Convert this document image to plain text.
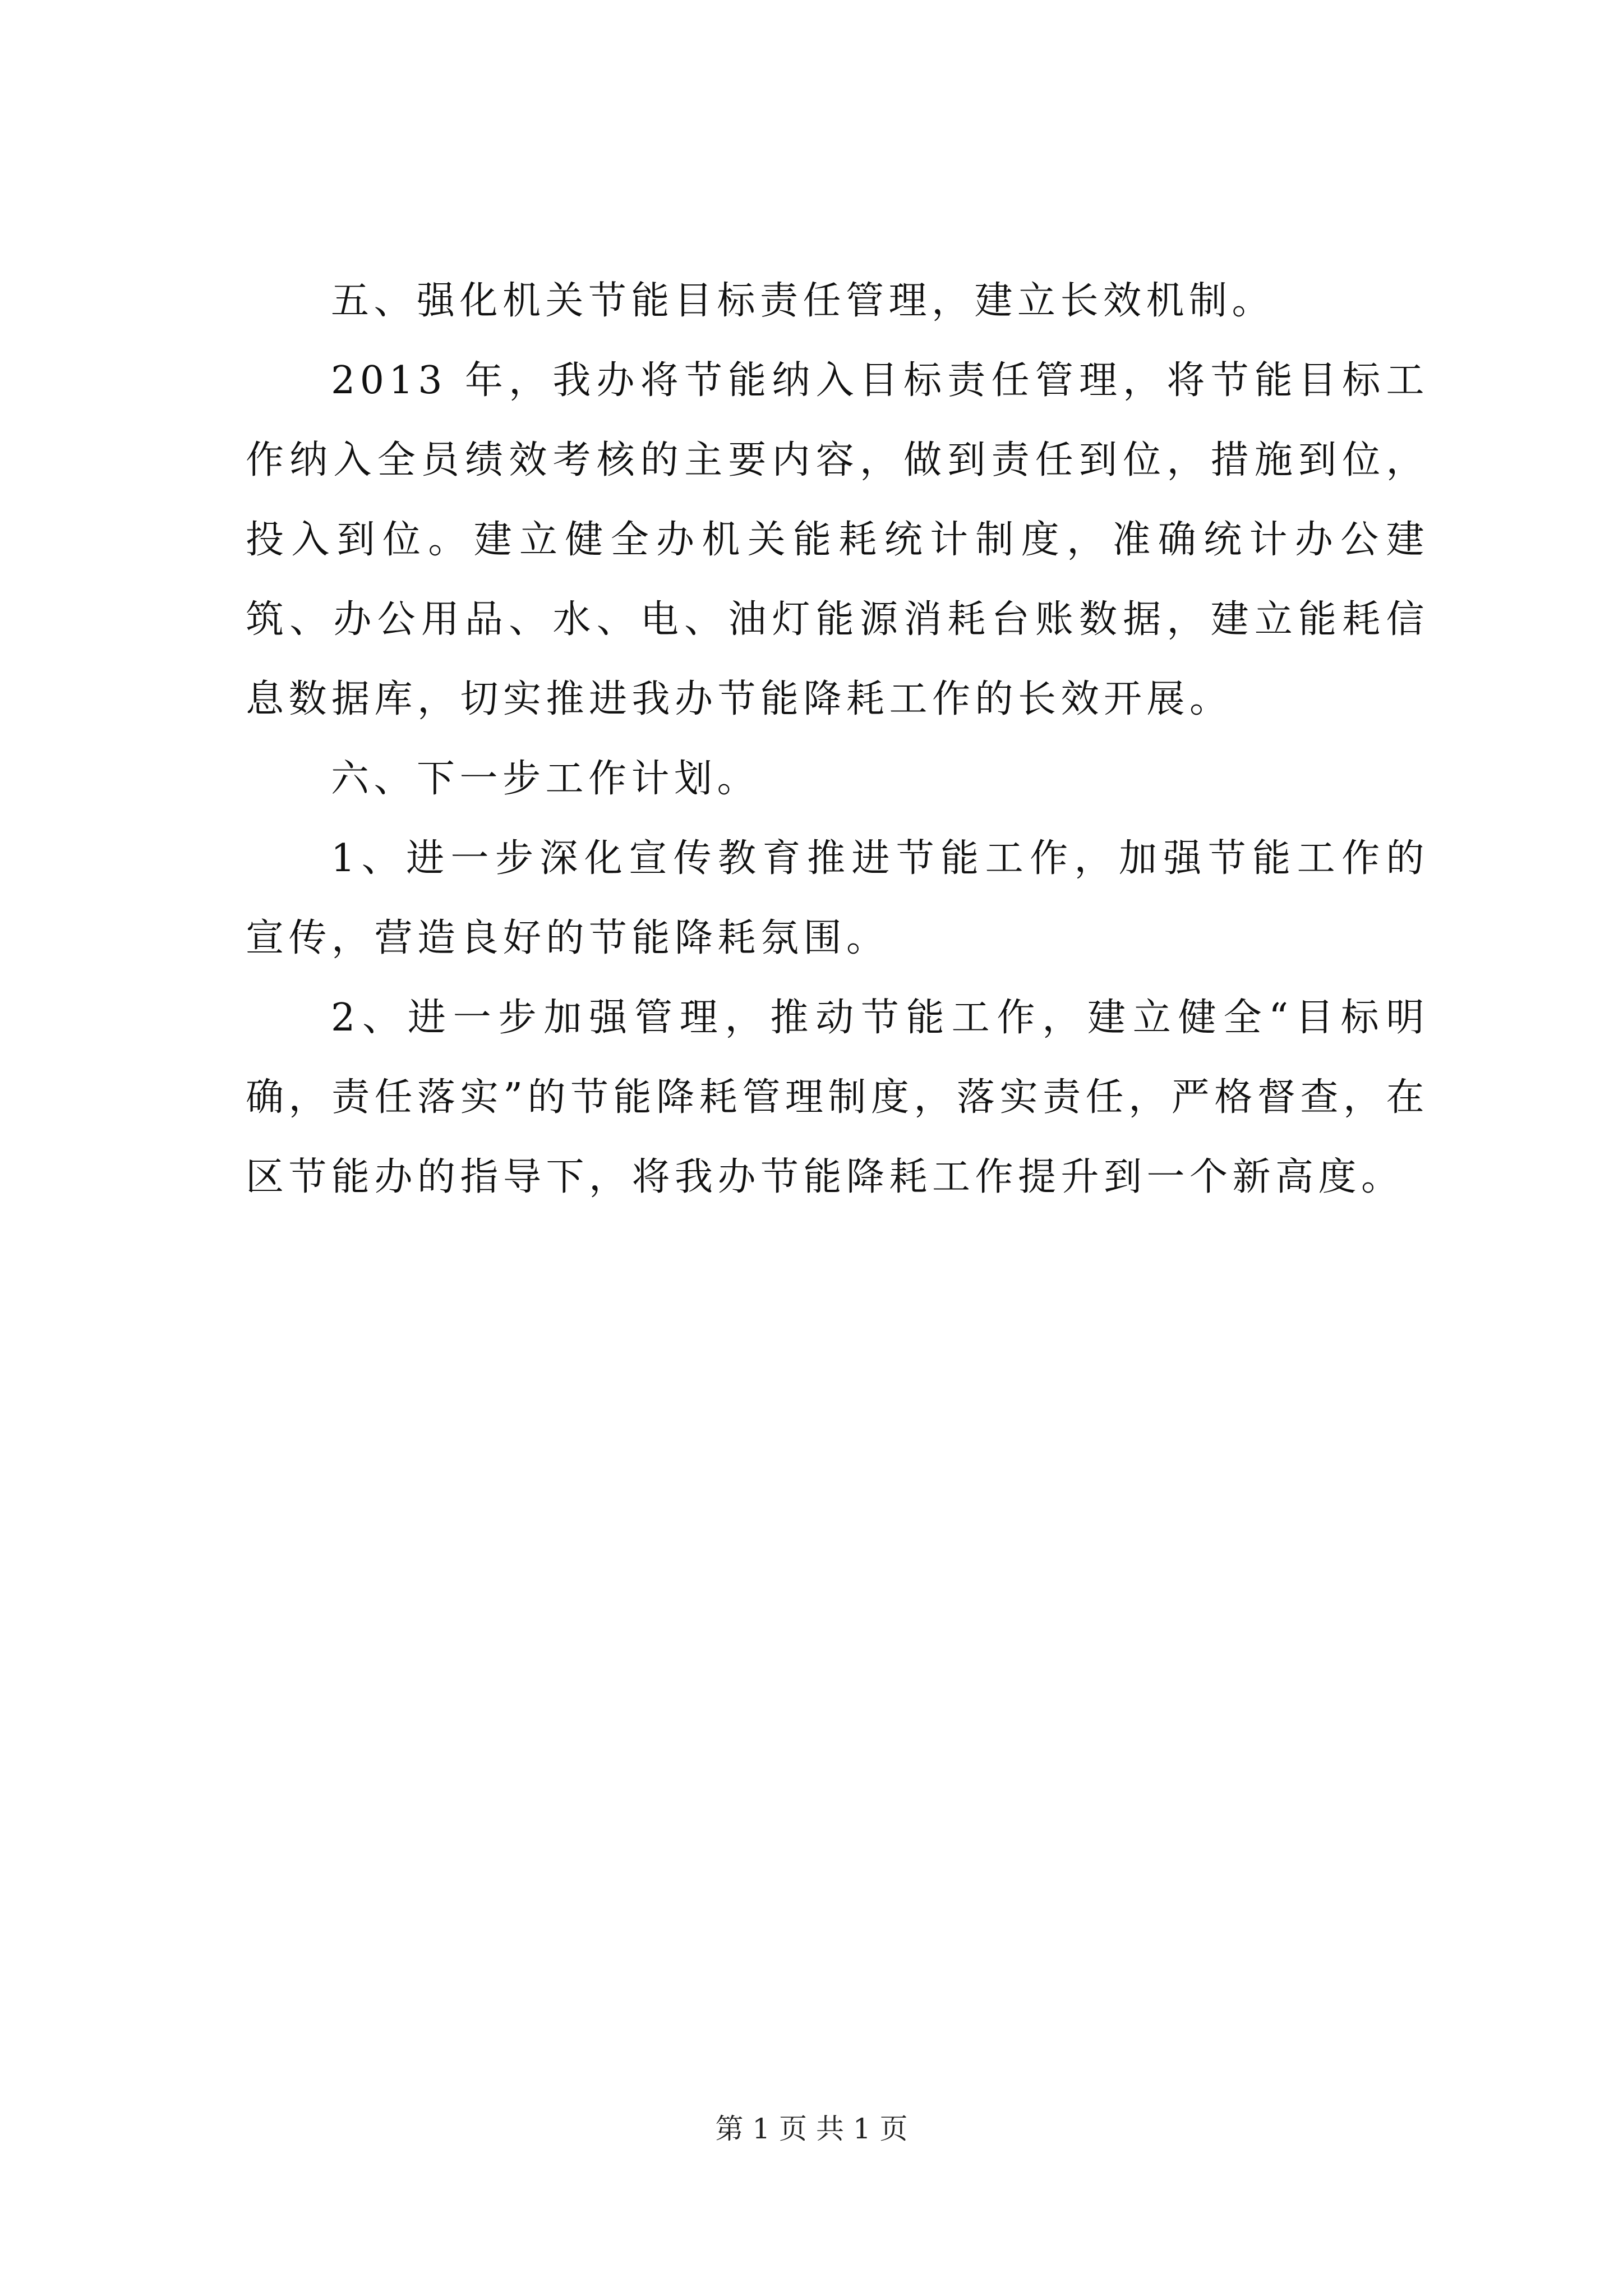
五、强化机关节能目标责任管理，建立长效机制。

2013 年，我办将节能纳入目标责任管理，将节能目标工作纳入全员绩效考核的主要内容，做到责任到位，措施到位，投入到位。建立健全办机关能耗统计制度，准确统计办公建筑、办公用品、水、电、油灯能源消耗台账数据，建立能耗信息数据库，切实推进我办节能降耗工作的长效开展。

六、下一步工作计划。

1、进一步深化宣传教育推进节能工作，加强节能工作的宣传，营造良好的节能降耗氛围。

2、进一步加强管理，推动节能工作，建立健全“目标明确，责任落实”的节能降耗管理制度，落实责任，严格督查，在区节能办的指导下，将我办节能降耗工作提升到一个新高度。

第 1 页 共 1 页
